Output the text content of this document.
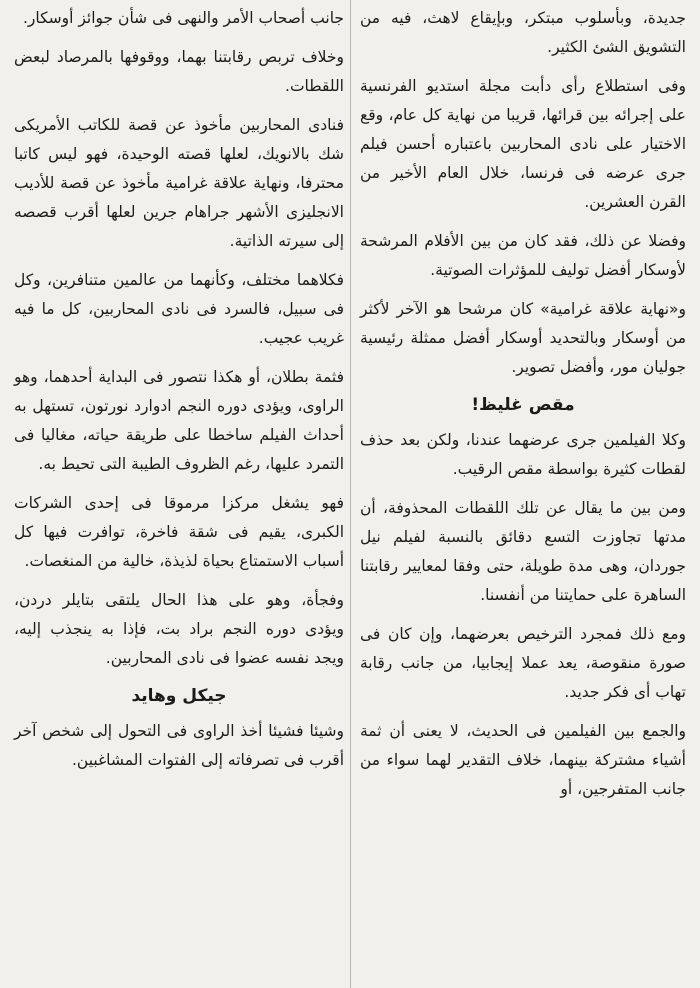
جديدة، وبأسلوب مبتكر، وبإيقاع لاهث، فيه من التشويق الشئ الكثير.

وفى استطلاع رأى دأبت مجلة استديو الفرنسية على إجرائه بين قرائها، قريبا من نهاية كل عام، وقع الاختيار على نادى المحاربين باعتباره أحسن فيلم جرى عرضه فى فرنسا، خلال العام الأخير من القرن العشرين.

وفضلا عن ذلك، فقد كان من بين الأفلام المرشحة لأوسكار أفضل توليف للمؤثرات الصوتية.

و«نهاية علاقة غرامية» كان مرشحا هو الآخر لأكثر من أوسكار وبالتحديد أوسكار أفضل ممثلة رئيسية جوليان مور، وأفضل تصوير.

مقص غليظ!

وكلا الفيلمين جرى عرضهما عندنا، ولكن بعد حذف لقطات كثيرة بواسطة مقص الرقيب.

ومن بين ما يقال عن تلك اللقطات المحذوفة، أن مدتها تجاوزت التسع دقائق بالنسبة لفيلم نيل جوردان، وهى مدة طويلة، حتى وفقا لمعايير رقابتنا الساهرة على حمايتنا من أنفسنا.

ومع ذلك فمجرد الترخيص بعرضهما، وإن كان فى صورة منقوصة، يعد عملا إيجابيا، من جانب رقابة تهاب أى فكر جديد.

والجمع بين الفيلمين فى الحديث، لا يعنى أن ثمة أشياء مشتركة بينهما، خلاف التقدير لهما سواء من جانب المتفرجين، أو

جانب أصحاب الأمر والنهى فى شأن جوائز أوسكار.

وخلاف تربص رقابتنا بهما، ووقوفها بالمرصاد لبعض اللقطات.

فنادى المحاربين مأخوذ عن قصة للكاتب الأمريكى شك بالانويك، لعلها قصته الوحيدة، فهو ليس كاتبا محترفا، ونهاية علاقة غرامية مأخوذ عن قصة للأديب الانجليزى الأشهر جراهام جرين لعلها أقرب قصصه إلى سيرته الذاتية.

فكلاهما مختلف، وكأنهما من عالمين متنافرين، وكل فى سبيل، فالسرد فى نادى المحاربين، كل ما فيه غريب عجيب.

فثمة بطلان، أو هكذا نتصور فى البداية أحدهما، وهو الراوى، ويؤدى دوره النجم ادوارد نورتون، تستهل به أحداث الفيلم ساخطا على طريقة حياته، مغاليا فى التمرد عليها، رغم الظروف الطيبة التى تحيط به.

فهو يشغل مركزا مرموقا فى إحدى الشركات الكبرى، يقيم فى شقة فاخرة، توافرت فيها كل أسباب الاستمتاع بحياة لذيذة، خالية من المنغصات.

وفجأة، وهو على هذا الحال يلتقى بتايلر دردن، ويؤدى دوره النجم براد بت، فإذا به ينجذب إليه، ويجد نفسه عضوا فى نادى المحاربين.

جيكل وهايد

وشيئا فشيئا أخذ الراوى فى التحول إلى شخص آخر أقرب فى تصرفاته إلى الفتوات المشاغبين.
